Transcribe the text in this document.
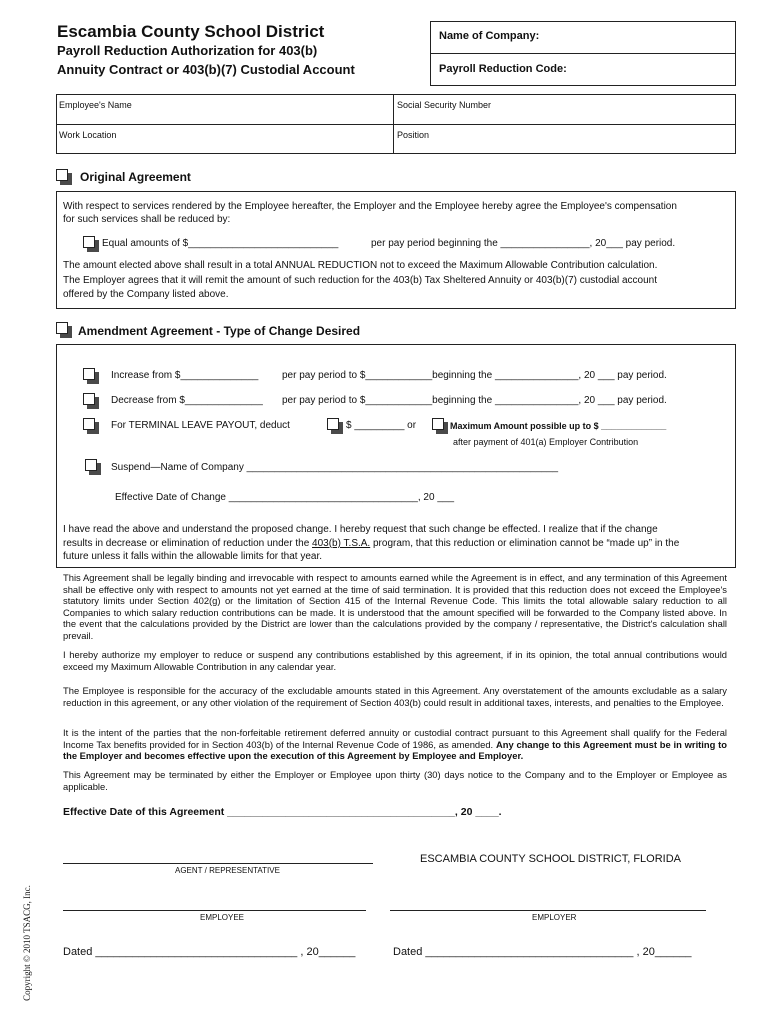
Escambia County School District
Payroll Reduction Authorization for 403(b)
Annuity Contract or 403(b)(7) Custodial Account
Name of Company:
Payroll Reduction Code:
Employee's Name	Social Security Number
Work Location	Position
Original Agreement
With respect to services rendered by the Employee hereafter, the Employer and the Employee hereby agree the Employee's compensation
for such services shall be reduced by:
Equal amounts of $___________________________	per pay period beginning the ________________, 20___ pay period.
The amount elected above shall result in a total ANNUAL REDUCTION not to exceed the Maximum Allowable Contribution calculation.
The Employer agrees that it will remit the amount of such reduction for the 403(b) Tax Sheltered Annuity or 403(b)(7) custodial account
offered by the Company listed above.
Amendment Agreement - Type of Change Desired
Increase from $______________ per pay period to $____________beginning the _______________, 20 ___ pay period.
Decrease from $______________ per pay period to $____________beginning the _______________, 20 ___ pay period.
For TERMINAL LEAVE PAYOUT, deduct	$ _________ or	Maximum Amount possible up to $ _____________
after payment of 401(a) Employer Contribution
Suspend—Name of Company ________________________________________________________
Effective Date of Change __________________________________, 20 ___
I have read the above and understand the proposed change. I hereby request that such change be effected. I realize that if the change
results in decrease or elimination of reduction under the 403(b) T.S.A. program, that this reduction or elimination cannot be “made up” in the
future unless it falls within the allowable limits for that year.
This Agreement shall be legally binding and irrevocable with respect to amounts earned while the Agreement is in effect, and any termination of this Agreement shall be effective only with respect to amounts not yet earned at the time of said termination. It is provided that this reduction does not exceed the Employee's statutory limits under Section 402(g) or the limitation of Section 415 of the Internal Revenue Code. This limits the total allowable salary reduction to all Companies to which salary reduction contributions can be made. It is understood that the amount specified will be forwarded to the Company listed above. In the event that the calculations provided by the District are lower than the calculations provided by the company / representative, the District's calculation shall prevail.
I hereby authorize my employer to reduce or suspend any contributions established by this agreement, if in its opinion, the total annual contributions would exceed my Maximum Allowable Contribution in any calendar year.
The Employee is responsible for the accuracy of the excludable amounts stated in this Agreement. Any overstatement of the amounts excludable as a salary reduction in this agreement, or any other violation of the requirement of Section 403(b) could result in additional taxes, interests, and penalties to the Employee.
It is the intent of the parties that the non-forfeitable retirement deferred annuity or custodial contract pursuant to this Agreement shall qualify for the Federal Income Tax benefits provided for in Section 403(b) of the Internal Revenue Code of 1986, as amended. Any change to this Agreement must be in writing to the Employer and becomes effective upon the execution of this Agreement by Employee and Employer.
This Agreement may be terminated by either the Employer or Employee upon thirty (30) days notice to the Company and to the Employer or Employee as applicable.
Effective Date of this Agreement _______________________________________, 20 ____.
ESCAMBIA COUNTY SCHOOL DISTRICT, FLORIDA
AGENT / REPRESENTATIVE
EMPLOYEE	EMPLOYER
Dated _________________________________ , 20______	Dated __________________________________ , 20______
Copyright © 2010 TSACG, Inc.
